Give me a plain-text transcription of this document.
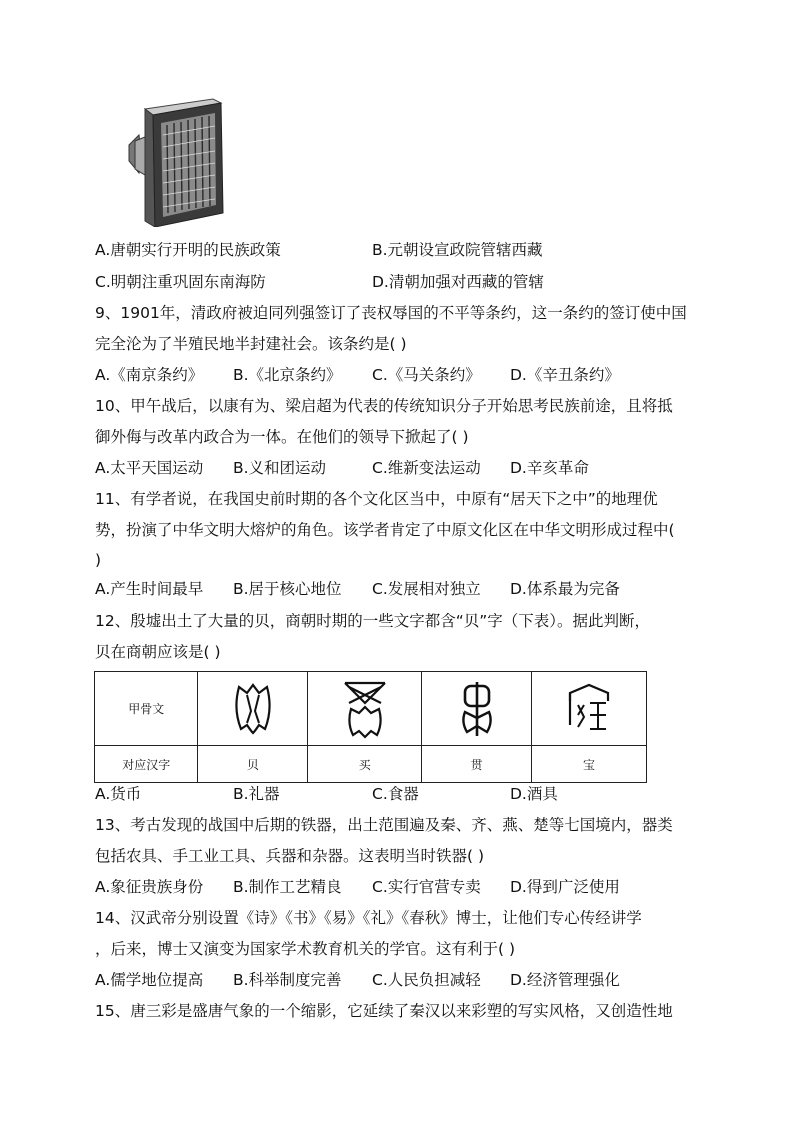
A.唐朝实行开明的民族政策	B.元朝设宣政院管辖西藏
C.明朝注重巩固东南海防	D.清朝加强对西藏的管辖
9、1901年，清政府被迫同列强签订了丧权辱国的不平等条约，这一条约的签订使中国
完全沦为了半殖民地半封建社会。该条约是( )
A.《南京条约》 B.《北京条约》 C.《马关条约》 D.《辛丑条约》
10、甲午战后，以康有为、梁启超为代表的传统知识分子开始思考民族前途，且将抵
御外侮与改革内政合为一体。在他们的领导下掀起了( )
A.太平天国运动 B.义和团运动	C.维新变法运动 D.辛亥革命
11、有学者说，在我国史前时期的各个文化区当中，中原有“居天下之中”的地理优
势，扮演了中华文明大熔炉的角色。该学者肯定了中原文化区在中华文明形成过程中(
)
A.产生时间最早 B.居于核心地位 C.发展相对独立 D.体系最为完备
12、殷墟出土了大量的贝，商朝时期的一些文字都含“贝”字（下表）。据此判断，
贝在商朝应该是( )
甲骨文	

对应汉字	贝	买	贯	宝
A.货币	B.礼器	C.食器	D.酒具
13、考古发现的战国中后期的铁器，出土范围遍及秦、齐、燕、楚等七国境内，器类
包括农具、手工业工具、兵器和杂器。这表明当时铁器( )
A.象征贵族身份 B.制作工艺精良 C.实行官营专卖 D.得到广泛使用
14、汉武帝分别设置《诗》《书》《易》《礼》《春秋》博士，让他们专心传经讲学
，后来，博士又演变为国家学术教育机关的学官。这有利于( )
A.儒学地位提高 B.科举制度完善 C.人民负担减轻 D.经济管理强化
15、唐三彩是盛唐气象的一个缩影，它延续了秦汉以来彩塑的写实风格，又创造性地
